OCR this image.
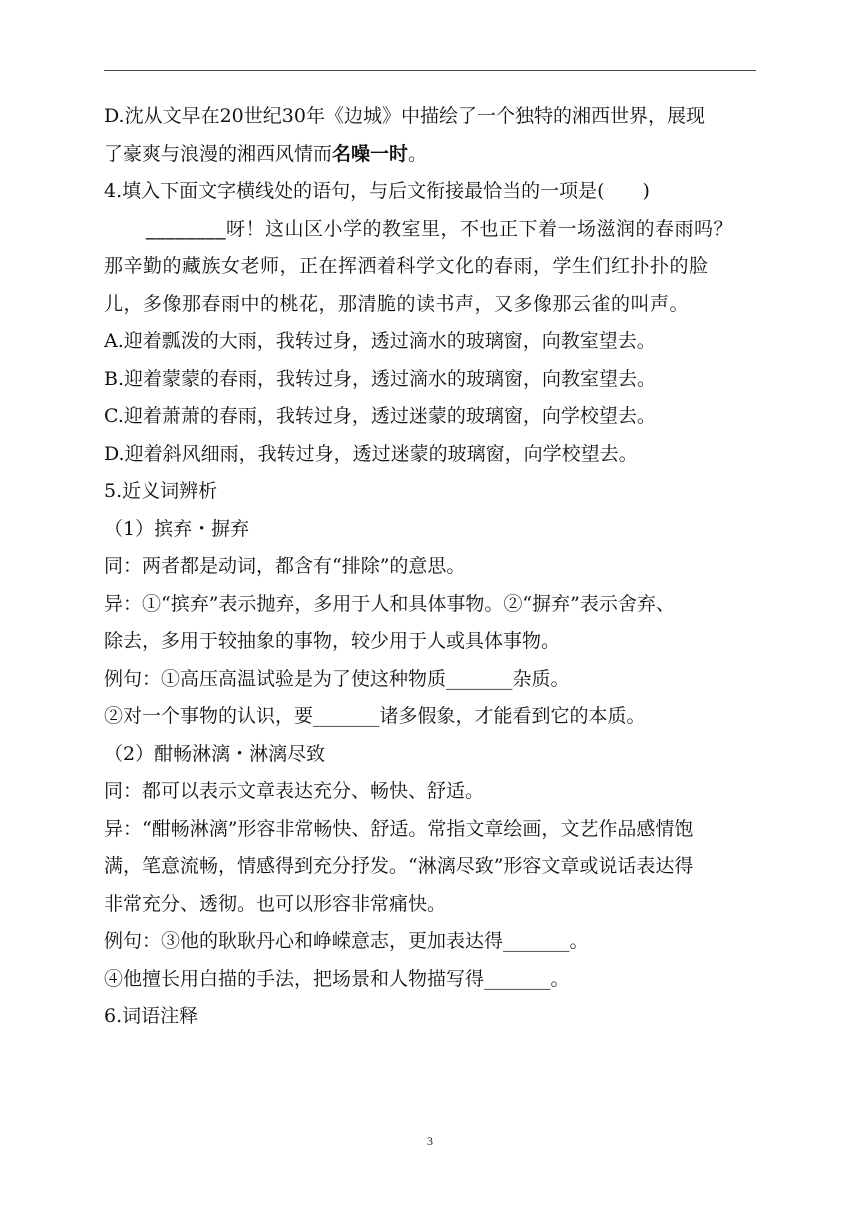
D.沈从文早在20世纪30年《边城》中描绘了一个独特的湘西世界，展现
了豪爽与浪漫的湘西风情而名噪一时。
4.填入下面文字横线处的语句，与后文衔接最恰当的一项是(　　)
________呀！这山区小学的教室里，不也正下着一场滋润的春雨吗？
那辛勤的藏族女老师，正在挥洒着科学文化的春雨，学生们红扑扑的脸
儿，多像那春雨中的桃花，那清脆的读书声，又多像那云雀的叫声。
A.迎着瓢泼的大雨，我转过身，透过滴水的玻璃窗，向教室望去。
B.迎着蒙蒙的春雨，我转过身，透过滴水的玻璃窗，向教室望去。
C.迎着萧萧的春雨，我转过身，透过迷蒙的玻璃窗，向学校望去。
D.迎着斜风细雨，我转过身，透过迷蒙的玻璃窗，向学校望去。
5.近义词辨析
（1）摈弃・摒弃
同：两者都是动词，都含有“排除”的意思。
异：①“摈弃”表示抛弃，多用于人和具体事物。②“摒弃”表示舍弃、
除去，多用于较抽象的事物，较少用于人或具体事物。
例句：①高压高温试验是为了使这种物质_______杂质。
②对一个事物的认识，要_______诸多假象，才能看到它的本质。
（2）酣畅淋漓・淋漓尽致
同：都可以表示文章表达充分、畅快、舒适。
异：“酣畅淋漓”形容非常畅快、舒适。常指文章绘画，文艺作品感情饱
满，笔意流畅，情感得到充分抒发。“淋漓尽致”形容文章或说话表达得
非常充分、透彻。也可以形容非常痛快。
例句：③他的耿耿丹心和峥嵘意志，更加表达得_______。
④他擅长用白描的手法，把场景和人物描写得_______。
6.词语注释
3
